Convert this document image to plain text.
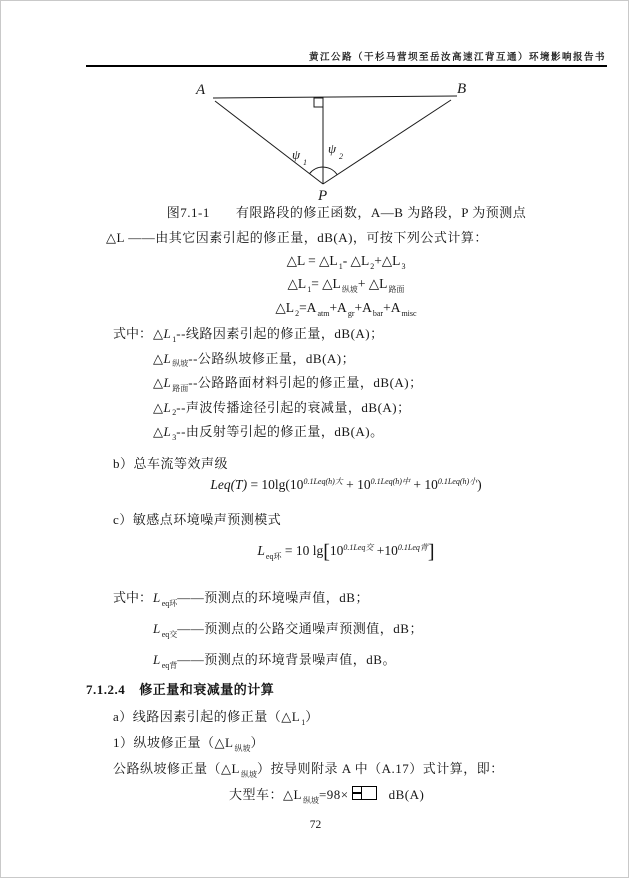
黄江公路（干杉马营坝至岳汝高速江背互通）环境影响报告书
A	B
P
ψ
1
ψ
2
图7.1-1 有限路段的修正函数，A—B 为路段，P 为预测点
△L ——由其它因素引起的修正量，dB(A)，可按下列公式计算：
△L = $\triangle L_1-$ $\triangle L_2+\triangle L_3$
$\triangle L_1=$ $\triangle L_{纵坡}+$ $\triangle L_{路面}$
$\triangle L_2=A_{atm}+A_{gr}+A_{bar}+A_{misc}$
式中：$\triangle L_1--$线路因素引起的修正量，dB(A)；
$\triangle L_{纵坡}--$公路纵坡修正量，dB(A)；
$\triangle L_{路面}--$公路路面材料引起的修正量，dB(A)；
$\triangle L_2--$声波传播途径引起的衰减量，dB(A)；
$\triangle L_3--$由反射等引起的修正量，dB(A)。
b）总车流等效声级
$Leq(T) = 10\lg(10^{0.1Leq(h)大} + 10^{0.1Leq(h)中} + 10^{0.1Leq(h)小})$
c）敏感点环境噪声预测模式
$L_{eq环} = 10$ $\lg[10^{0.1Leq交} +10^{0.1Leq背}]$
式中：$L_{eq环}——$预测点的环境噪声值，dB；
$L_{eq交}——$预测点的公路交通噪声预测值，dB；
$L_{eq背}——$预测点的环境背景噪声值，dB。
7.1.2.4 修正量和衰减量的计算
a）线路因素引起的修正量$(\triangle L_1)$
1）纵坡修正量$(\triangle L_{纵坡})$
公路纵坡修正量$(\triangle L_{纵坡})$按导则附录 A 中（A.17）式计算，即：
大型车：$\triangle L_{纵坡}=98\times$	dB(A)
72
